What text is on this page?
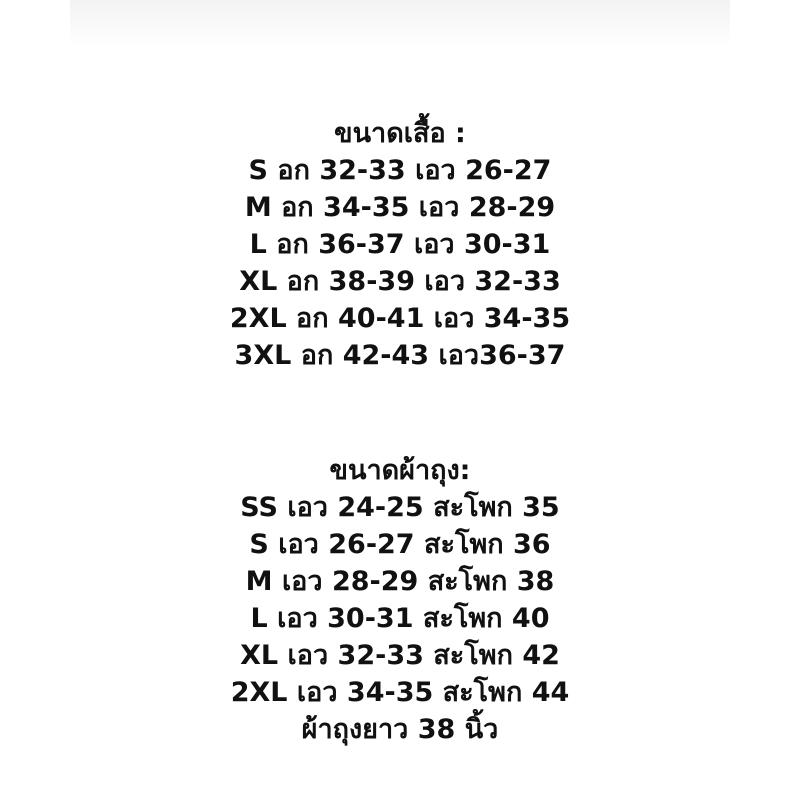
ขนาดเสื้อ :
S อก 32-33 เอว 26-27
M อก 34-35 เอว 28-29
L อก 36-37 เอว 30-31
XL อก 38-39 เอว 32-33
2XL อก 40-41 เอว 34-35
3XL อก 42-43 เอว36-37
ขนาดผ้าถุง:
SS เอว 24-25 สะโพก 35
S เอว 26-27 สะโพก 36
M เอว 28-29 สะโพก 38
L เอว 30-31 สะโพก 40
XL เอว 32-33 สะโพก 42
2XL เอว 34-35 สะโพก 44
ผ้าถุงยาว 38 นิ้ว
